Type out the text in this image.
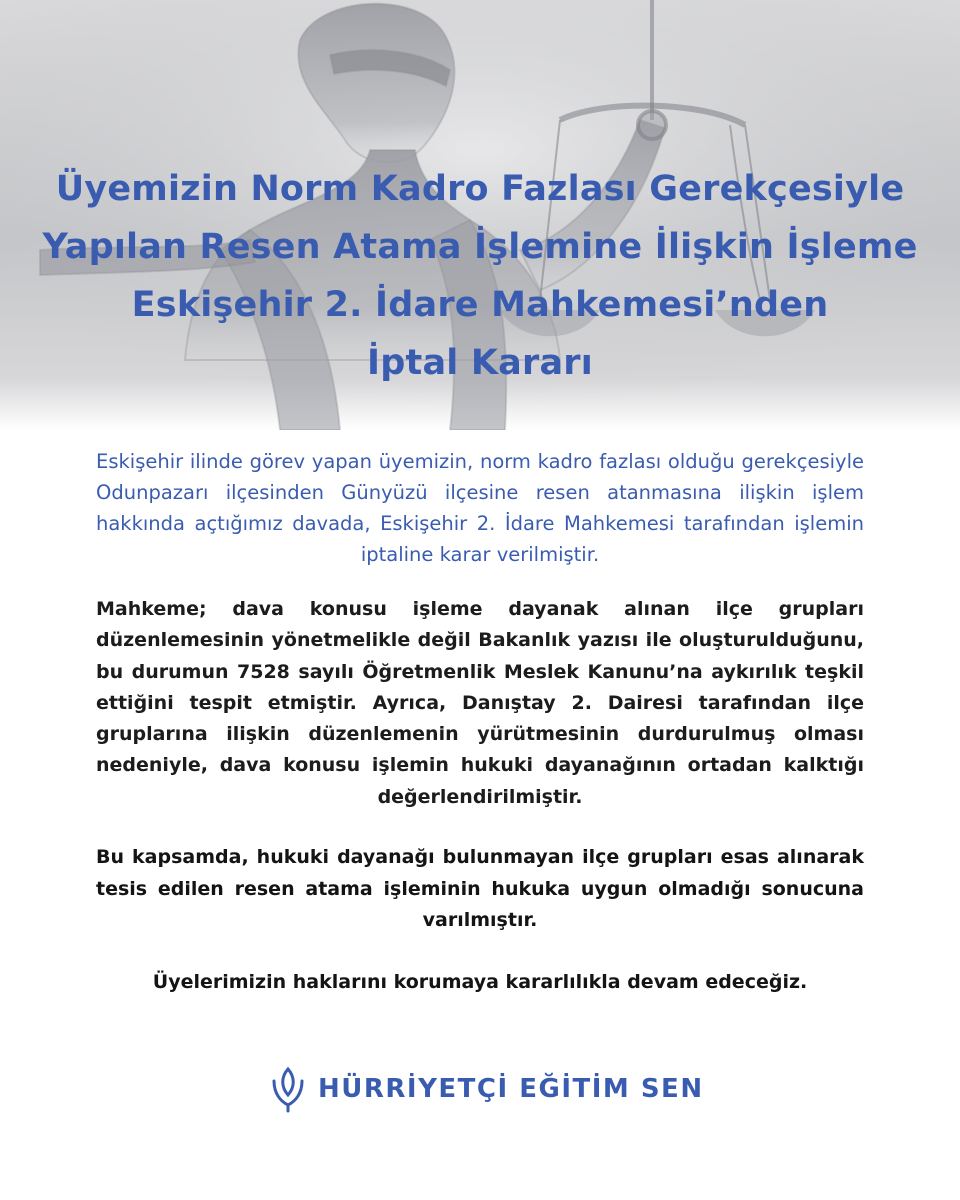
Üyemizin Norm Kadro Fazlası Gerekçesiyle
Yapılan Resen Atama İşlemine İlişkin İşleme
Eskişehir 2. İdare Mahkemesi’nden
İptal Kararı

Eskişehir ilinde görev yapan üyemizin, norm kadro fazlası olduğu gerekçesiyle Odunpazarı ilçesinden Günyüzü ilçesine resen atanmasına ilişkin işlem hakkında açtığımız davada, Eskişehir 2. İdare Mahkemesi tarafından işlemin iptaline karar verilmiştir.

Mahkeme; dava konusu işleme dayanak alınan ilçe grupları düzenlemesinin yönetmelikle değil Bakanlık yazısı ile oluşturulduğunu, bu durumun 7528 sayılı Öğretmenlik Meslek Kanunu’na aykırılık teşkil ettiğini tespit etmiştir. Ayrıca, Danıştay 2. Dairesi tarafından ilçe gruplarına ilişkin düzenlemenin yürütmesinin durdurulmuş olması nedeniyle, dava konusu işlemin hukuki dayanağının ortadan kalktığı değerlendirilmiştir.

Bu kapsamda, hukuki dayanağı bulunmayan ilçe grupları esas alınarak tesis edilen resen atama işleminin hukuka uygun olmadığı sonucuna varılmıştır.

Üyelerimizin haklarını korumaya kararlılıkla devam edeceğiz.

HÜRRİYETÇİ EĞİTİM SEN
